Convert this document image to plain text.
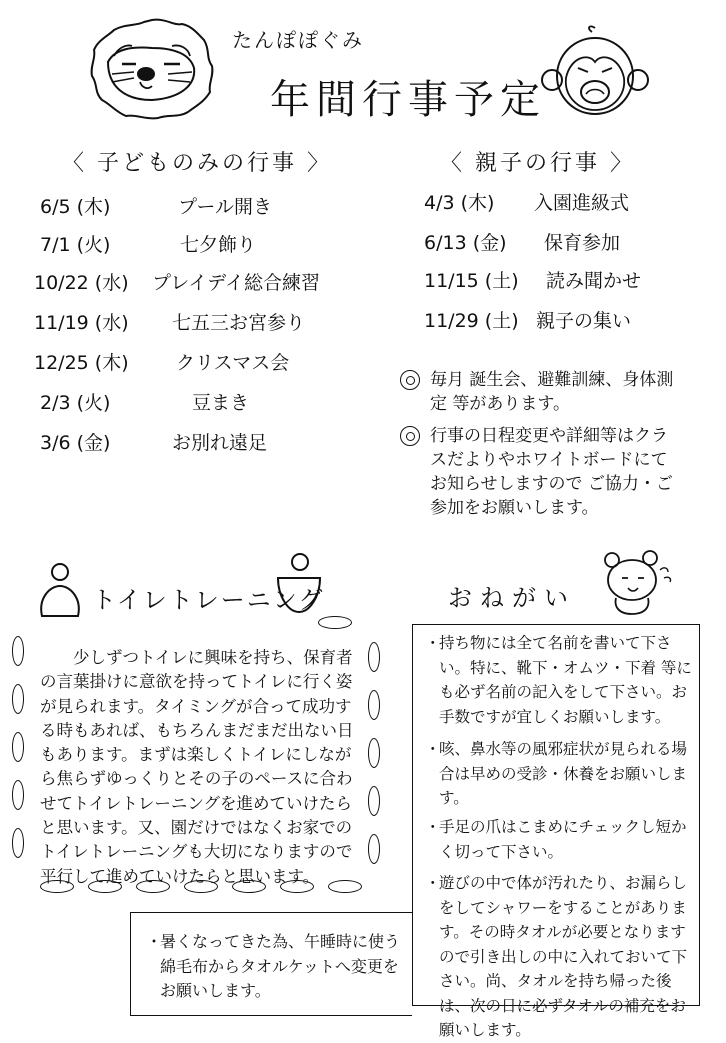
たんぽぽぐみ
年間行事予定
〈 子どものみの行事 〉
6/5 (木)	プール開き
7/1 (火)	七夕飾り
10/22 (水) プレイデイ総合練習
11/19 (水) 七五三お宮参り
12/25 (木) クリスマス会
2/3 (火)	豆まき
3/6 (金)	お別れ遠足
〈 親子の行事 〉
4/3 (木) 入園進級式
6/13 (金) 保育参加
11/15 (土) 読み聞かせ
11/29 (土) 親子の集い
毎月 誕生会、避難訓練、身体測定 等があります。
行事の日程変更や詳細等はクラスだよりやホワイトボードにてお知らせしますので ご協力・ご参加をお願いします。
トイレトレーニング
少しずつトイレに興味を持ち、保育者の言葉掛けに意欲を持ってトイレに行く姿が見られます。タイミングが合って成功する時もあれば、もちろんまだまだ出ない日もあります。まずは楽しくトイレにしながら焦らずゆっくりとその子のペースに合わせてトイレトレーニングを進めていけたらと思います。又、園だけではなくお家でのトイレトレーニングも大切になりますので平行して進めていけたらと思います。
おねがい
・
持ち物には全て名前を書いて下さい。特に、靴下・オムツ・下着 等にも必ず名前の記入をして下さい。お手数ですが宜しくお願いします。
・
咳、鼻水等の風邪症状が見られる場合は早めの受診・休養をお願いします。
・
手足の爪はこまめにチェックし短かく切って下さい。
・
遊びの中で体が汚れたり、お漏らしをしてシャワーをすることがあります。その時タオルが必要となりますので引き出しの中に入れておいて下さい。尚、タオルを持ち帰った後は、次の日に必ずタオルの補充をお願いします。
・
暑くなってきた為、午睡時に使う綿毛布からタオルケットへ変更をお願いします。
